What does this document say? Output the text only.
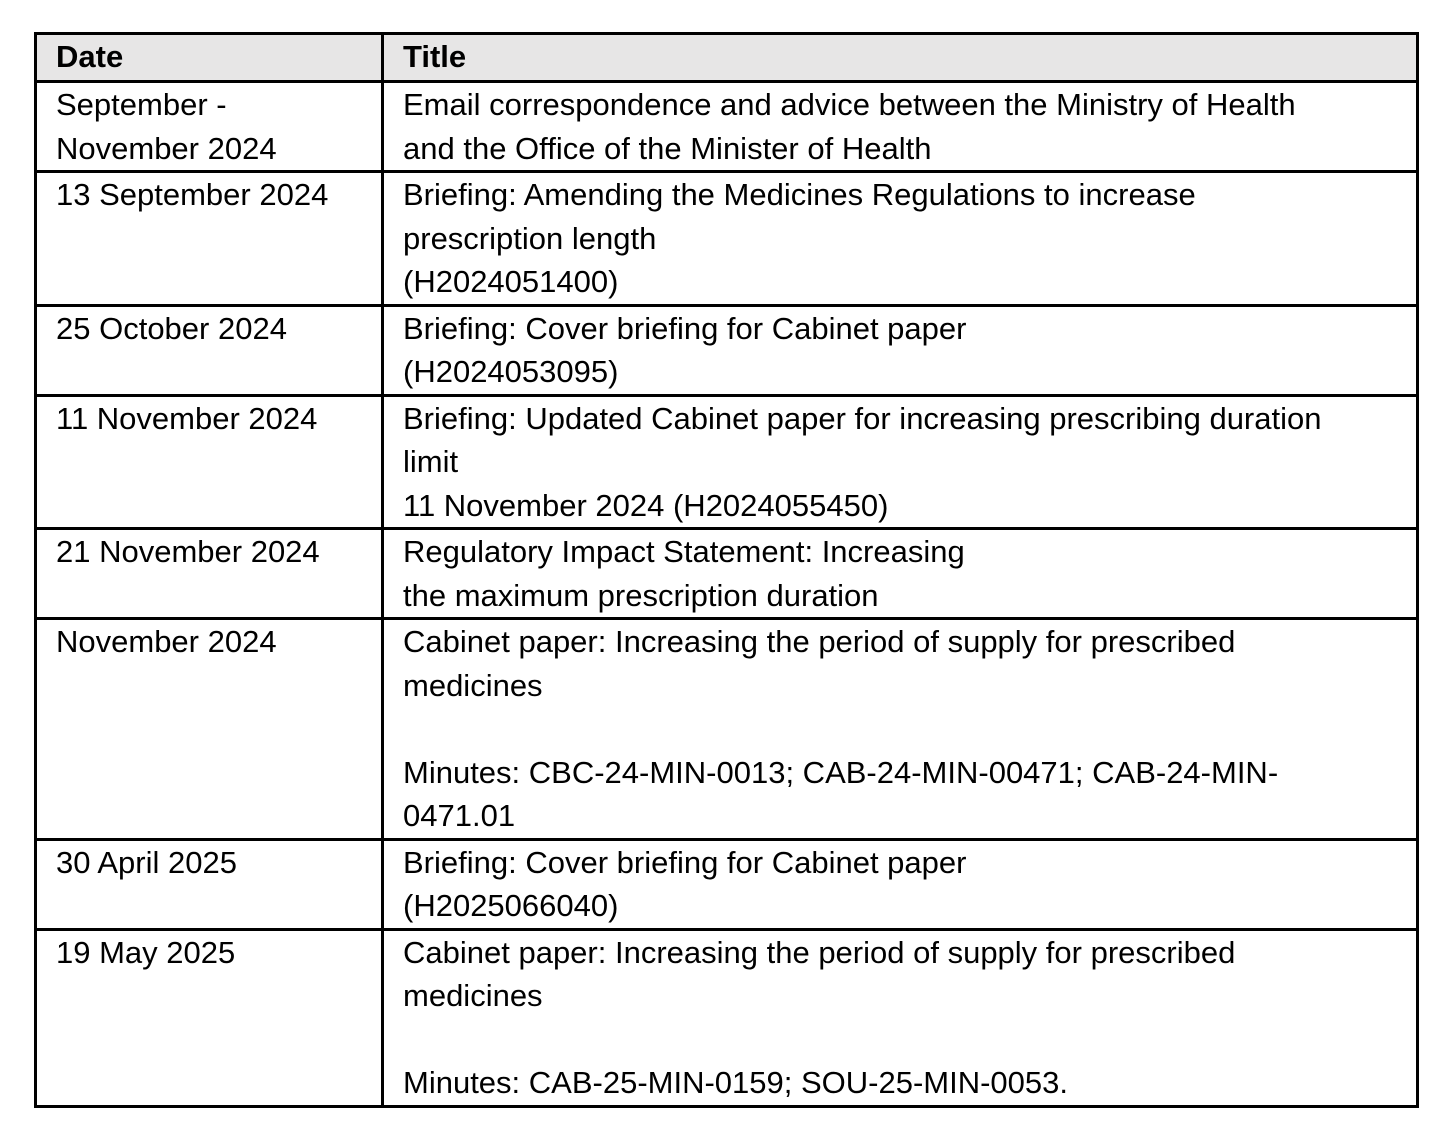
Date	Title

September -
November 2024	Email correspondence and advice between the Ministry of Health
and the Office of the Minister of Health

13 September 2024	Briefing: Amending the Medicines Regulations to increase
prescription length
(H2024051400)

25 October 2024	Briefing: Cover briefing for Cabinet paper
(H2024053095)

11 November 2024	Briefing: Updated Cabinet paper for increasing prescribing duration
limit
11 November 2024 (H2024055450)

21 November 2024	Regulatory Impact Statement: Increasing
the maximum prescription duration

November 2024	Cabinet paper: Increasing the period of supply for prescribed
medicines
Minutes: CBC-24-MIN-0013; CAB-24-MIN-00471; CAB-24-MIN-
0471.01

30 April 2025	Briefing: Cover briefing for Cabinet paper
(H2025066040)

19 May 2025	Cabinet paper: Increasing the period of supply for prescribed
medicines
Minutes: CAB-25-MIN-0159; SOU-25-MIN-0053.
